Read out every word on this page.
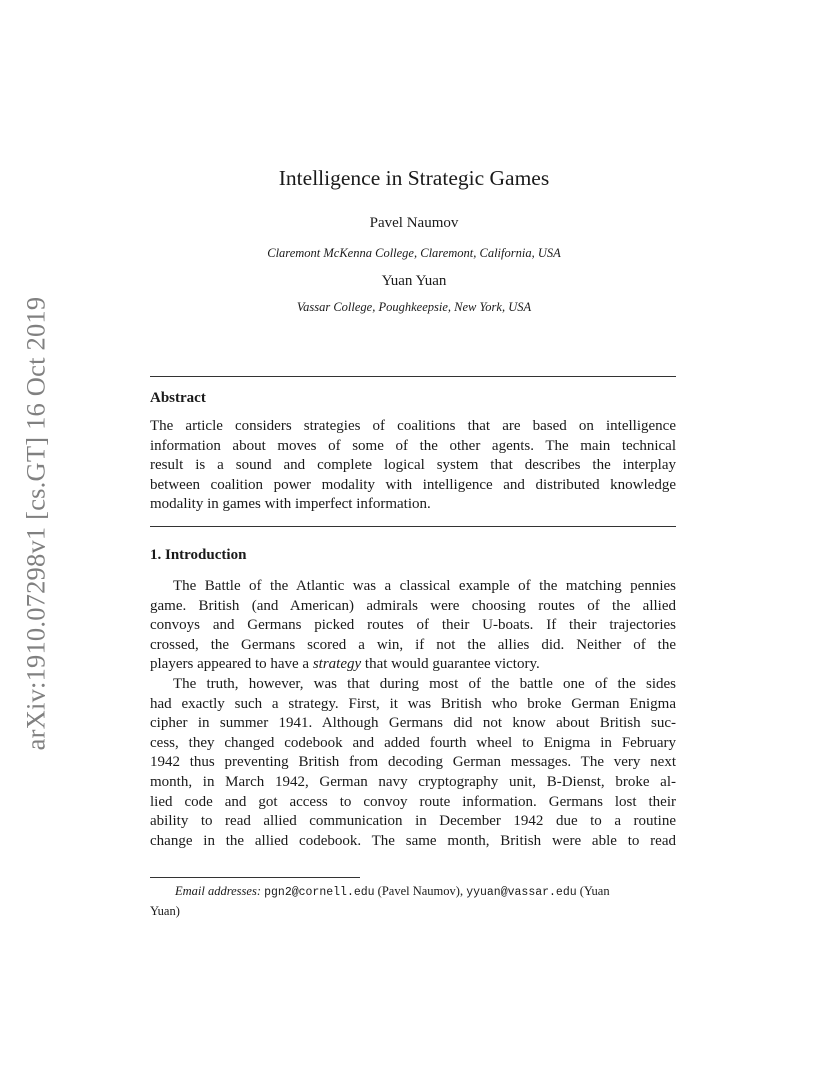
arXiv:1910.07298v1 [cs.GT] 16 Oct 2019
Intelligence in Strategic Games
Pavel Naumov
Claremont McKenna College, Claremont, California, USA
Yuan Yuan
Vassar College, Poughkeepsie, New York, USA
Abstract
The article considers strategies of coalitions that are based on intelligence
information about moves of some of the other agents. The main technical
result is a sound and complete logical system that describes the interplay
between coalition power modality with intelligence and distributed knowledge
modality in games with imperfect information.
1. Introduction
The Battle of the Atlantic was a classical example of the matching pennies
game. British (and American) admirals were choosing routes of the allied
convoys and Germans picked routes of their U-boats. If their trajectories
crossed, the Germans scored a win, if not the allies did. Neither of the
players appeared to have a strategy that would guarantee victory.
The truth, however, was that during most of the battle one of the sides
had exactly such a strategy. First, it was British who broke German Enigma
cipher in summer 1941. Although Germans did not know about British suc-
cess, they changed codebook and added fourth wheel to Enigma in February
1942 thus preventing British from decoding German messages. The very next
month, in March 1942, German navy cryptography unit, B-Dienst, broke al-
lied code and got access to convoy route information. Germans lost their
ability to read allied communication in December 1942 due to a routine
change in the allied codebook. The same month, British were able to read
Email addresses: pgn2@cornell.edu (Pavel Naumov), yyuan@vassar.edu (Yuan
Yuan)
